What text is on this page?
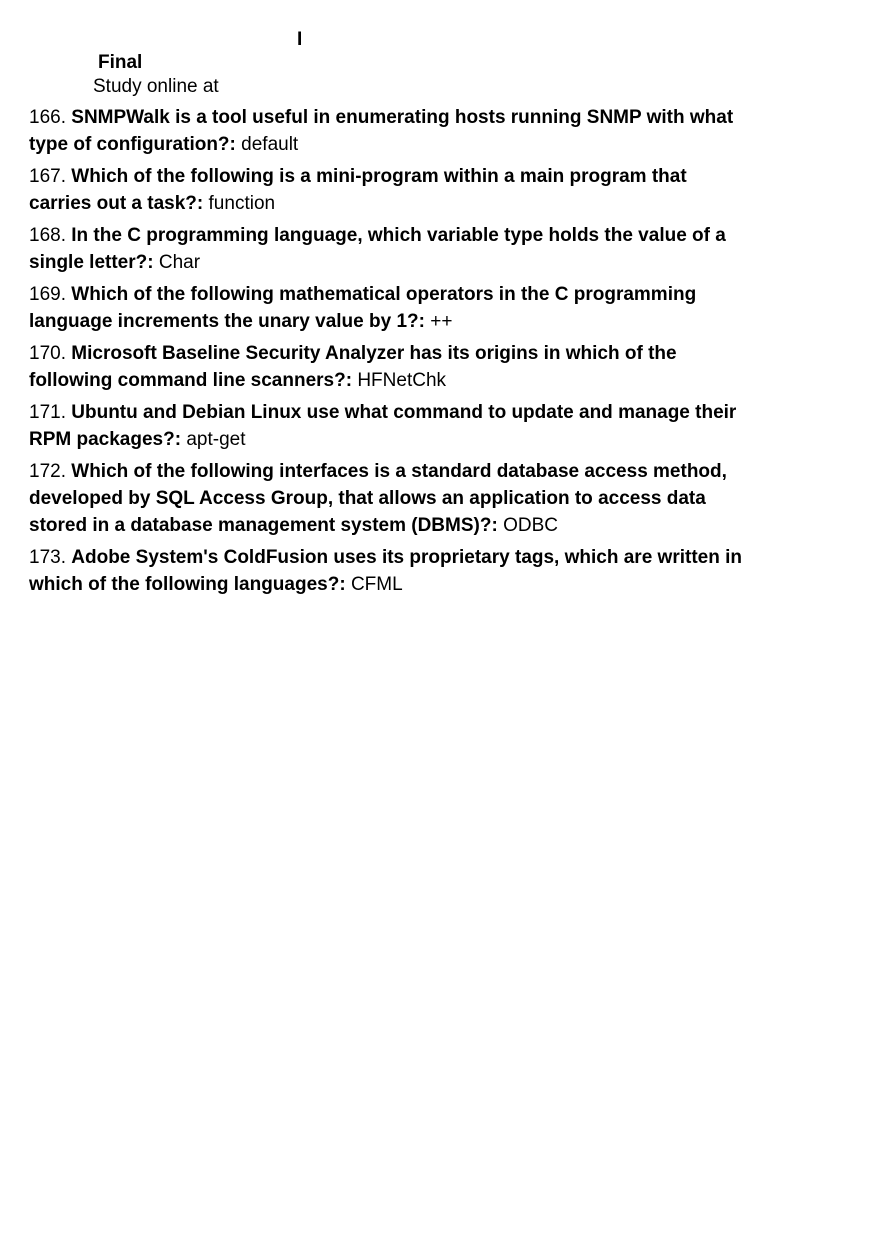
I
Final
Study online at
166. SNMPWalk is a tool useful in enumerating hosts running SNMP with what type of configuration?: default
167. Which of the following is a mini-program within a main program that carries out a task?: function
168. In the C programming language, which variable type holds the value of a single letter?: Char
169. Which of the following mathematical operators in the C programming language increments the unary value by 1?: ++
170. Microsoft Baseline Security Analyzer has its origins in which of the following command line scanners?: HFNetChk
171. Ubuntu and Debian Linux use what command to update and manage their RPM packages?: apt-get
172. Which of the following interfaces is a standard database access method, developed by SQL Access Group, that allows an application to access data stored in a database management system (DBMS)?: ODBC
173. Adobe System's ColdFusion uses its proprietary tags, which are written in which of the following languages?: CFML
